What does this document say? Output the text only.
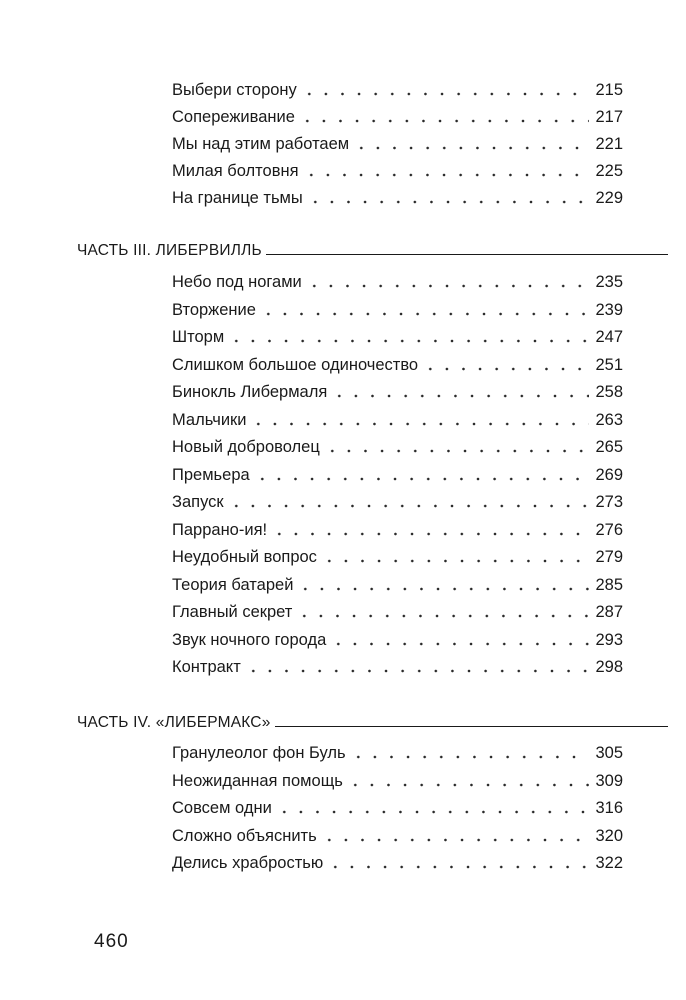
Выбери сторону	215
Сопереживание	217
Мы над этим работаем	221
Милая болтовня	225
На границе тьмы	229
ЧАСТЬ III. ЛИБЕРВИЛЛЬ
Небо под ногами	235
Вторжение	239
Шторм	247
Слишком большое одиночество	251
Бинокль Либермаля	258
Мальчики	263
Новый доброволец	265
Премьера	269
Запуск	273
Паррано-ия!	276
Неудобный вопрос	279
Теория батарей	285
Главный секрет	287
Звук ночного города	293
Контракт	298
ЧАСТЬ IV. «ЛИБЕРМАКС»
Гранулеолог фон Буль	305
Неожиданная помощь	309
Совсем одни	316
Сложно объяснить	320
Делись храбростью	322
460
